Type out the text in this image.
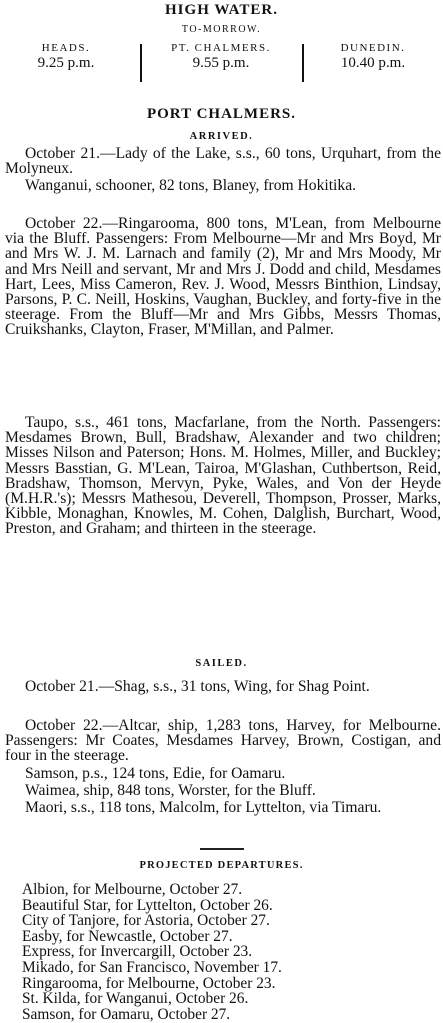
HIGH WATER.
TO-MORROW.
HEADS.
9.25 p.m.
PT. CHALMERS.
9.55 p.m.
DUNEDIN.
10.40 p.m.
PORT CHALMERS.
ARRIVED.

October 21.—Lady of the Lake, s.s., 60 tons, Urquhart, from the Molyneux.

Wanganui, schooner, 82 tons, Blaney, from Hokitika.

October 22.—Ringarooma, 800 tons, M'Lean, from Melbourne via the Bluff. Passengers: From Melbourne—Mr and Mrs Boyd, Mr and Mrs W. J. M. Larnach and family (2), Mr and Mrs Moody, Mr and Mrs Neill and servant, Mr and Mrs J. Dodd and child, Mesdames Hart, Lees, Miss Cameron, Rev. J. Wood, Messrs Binthion, Lindsay, Parsons, P. C. Neill, Hoskins, Vaughan, Buckley, and forty-five in the steerage. From the Bluff—Mr and Mrs Gibbs, Messrs Thomas, Cruikshanks, Clayton, Fraser, M'Millan, and Palmer.

Taupo, s.s., 461 tons, Macfarlane, from the North. Passengers: Mesdames Brown, Bull, Bradshaw, Alexander and two children; Misses Nilson and Paterson; Hons. M. Holmes, Miller, and Buckley; Messrs Basstian, G. M'Lean, Tairoa, M'Glashan, Cuthbertson, Reid, Bradshaw, Thomson, Mervyn, Pyke, Wales, and Von der Heyde (M.H.R.'s); Messrs Mathesou, Deverell, Thompson, Prosser, Marks, Kibble, Monaghan, Knowles, M. Cohen, Dalglish, Burchart, Wood, Preston, and Graham; and thirteen in the steerage.

SAILED.

October 21.—Shag, s.s., 31 tons, Wing, for Shag Point.

October 22.—Altcar, ship, 1,283 tons, Harvey, for Melbourne. Passengers: Mr Coates, Mesdames Harvey, Brown, Costigan, and four in the steerage.

Samson, p.s., 124 tons, Edie, for Oamaru.

Waimea, ship, 848 tons, Worster, for the Bluff.

Maori, s.s., 118 tons, Malcolm, for Lyttelton, via Timaru.

PROJECTED DEPARTURES.
Albion, for Melbourne, October 27.
Beautiful Star, for Lyttelton, October 26.
City of Tanjore, for Astoria, October 27.
Easby, for Newcastle, October 27.
Express, for Invercargill, October 23.
Mikado, for San Francisco, November 17.
Ringarooma, for Melbourne, October 23.
St. Kilda, for Wanganui, October 26.
Samson, for Oamaru, October 27.
